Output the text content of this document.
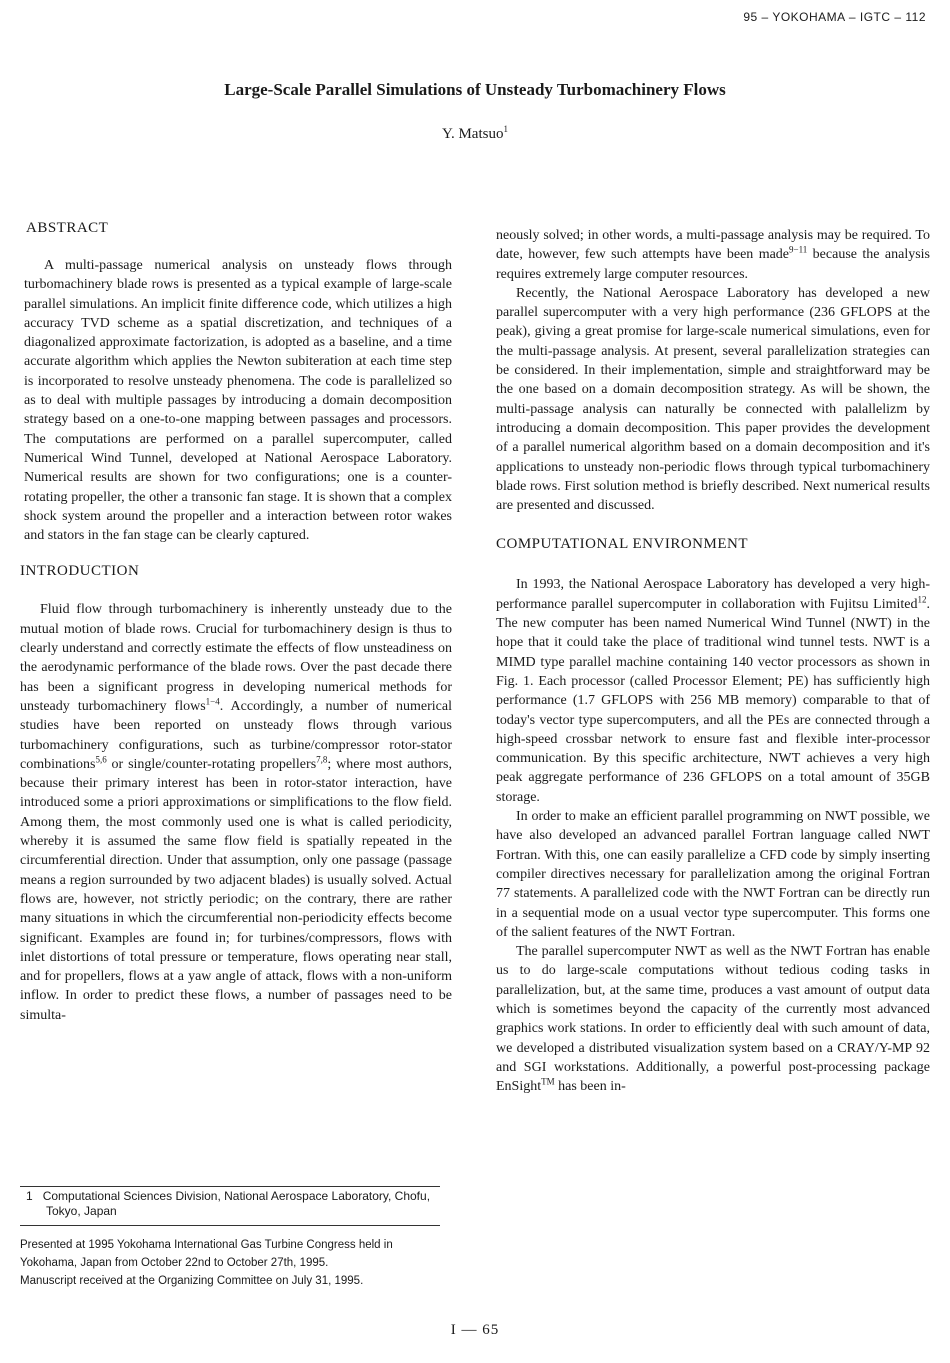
95 – YOKOHAMA – IGTC – 112
Large-Scale Parallel Simulations of Unsteady Turbomachinery Flows
Y. Matsuo$^1$
ABSTRACT

A multi-passage numerical analysis on unsteady flows through turbomachinery blade rows is presented as a typical example of large-scale parallel simulations. An implicit finite difference code, which utilizes a high accuracy TVD scheme as a spatial discretization, and techniques of a diagonalized approximate factorization, is adopted as a baseline, and a time accurate algorithm which applies the Newton subiteration at each time step is incorporated to resolve unsteady phenomena. The code is parallelized so as to deal with multiple passages by introducing a domain decomposition strategy based on a one-to-one mapping between passages and processors. The computations are performed on a parallel supercomputer, called Numerical Wind Tunnel, developed at National Aerospace Laboratory. Numerical results are shown for two configurations; one is a counter-rotating propeller, the other a transonic fan stage. It is shown that a complex shock system around the propeller and a interaction between rotor wakes and stators in the fan stage can be clearly captured.

INTRODUCTION

Fluid flow through turbomachinery is inherently unsteady due to the mutual motion of blade rows. Crucial for turbomachinery design is thus to clearly understand and correctly estimate the effects of flow unsteadiness on the aerodynamic performance of the blade rows. Over the past decade there has been a significant progress in developing numerical methods for unsteady turbomachinery flows$^{1-4}$. Accordingly, a number of numerical studies have been reported on unsteady flows through various turbomachinery configurations, such as turbine/compressor rotor-stator combinations$^{5,6}$ or single/counter-rotating propellers$^{7,8}$; where most authors, because their primary interest has been in rotor-stator interaction, have introduced some a priori approximations or simplifications to the flow field. Among them, the most commonly used one is what is called periodicity, whereby it is assumed the same flow field is spatially repeated in the circumferential direction. Under that assumption, only one passage (passage means a region surrounded by two adjacent blades) is usually solved. Actual flows are, however, not strictly periodic; on the contrary, there are rather many situations in which the circumferential non-periodicity effects become significant. Examples are found in; for turbines/compressors, flows with inlet distortions of total pressure or temperature, flows operating near stall, and for propellers, flows at a yaw angle of attack, flows with a non-uniform inflow. In order to predict these flows, a number of passages need to be simulta-

1 Computational Sciences Division, National Aerospace Laboratory, Chofu, Tokyo, Japan
Presented at 1995 Yokohama International Gas Turbine Congress held in Yokohama, Japan from October 22nd to October 27th, 1995.
Manuscript received at the Organizing Committee on July 31, 1995.

neously solved; in other words, a multi-passage analysis may be required. To date, however, few such attempts have been made$^{9-11}$ because the analysis requires extremely large computer resources.

Recently, the National Aerospace Laboratory has developed a new parallel supercomputer with a very high performance (236 GFLOPS at the peak), giving a great promise for large-scale numerical simulations, even for the multi-passage analysis. At present, several parallelization strategies can be considered. In their implementation, simple and straightforward may be the one based on a domain decomposition strategy. As will be shown, the multi-passage analysis can naturally be connected with palallelizm by introducing a domain decomposition. This paper provides the development of a parallel numerical algorithm based on a domain decomposition and it's applications to unsteady non-periodic flows through typical turbomachinery blade rows. First solution method is briefly described. Next numerical results are presented and discussed.

COMPUTATIONAL ENVIRONMENT

In 1993, the National Aerospace Laboratory has developed a very high-performance parallel supercomputer in collaboration with Fujitsu Limited$^{12}$. The new computer has been named Numerical Wind Tunnel (NWT) in the hope that it could take the place of traditional wind tunnel tests. NWT is a MIMD type parallel machine containing 140 vector processors as shown in Fig. 1. Each processor (called Processor Element; PE) has sufficiently high performance (1.7 GFLOPS with 256 MB memory) comparable to that of today's vector type supercomputers, and all the PEs are connected through a high-speed crossbar network to ensure fast and flexible inter-processor communication. By this specific architecture, NWT achieves a very high peak aggregate performance of 236 GFLOPS on a total amount of 35GB storage.

In order to make an efficient parallel programming on NWT possible, we have also developed an advanced parallel Fortran language called NWT Fortran. With this, one can easily parallelize a CFD code by simply inserting compiler directives necessary for parallelization among the original Fortran 77 statements. A parallelized code with the NWT Fortran can be directly run in a sequential mode on a usual vector type supercomputer. This forms one of the salient features of the NWT Fortran.

The parallel supercomputer NWT as well as the NWT Fortran has enable us to do large-scale computations without tedious coding tasks in parallelization, but, at the same time, produces a vast amount of output data which is sometimes beyond the capacity of the currently most advanced graphics work stations. In order to efficiently deal with such amount of data, we developed a distributed visualization system based on a CRAY/Y-MP 92 and SGI workstations. Additionally, a powerful post-processing package EnSight™ has been in-

I — 65
